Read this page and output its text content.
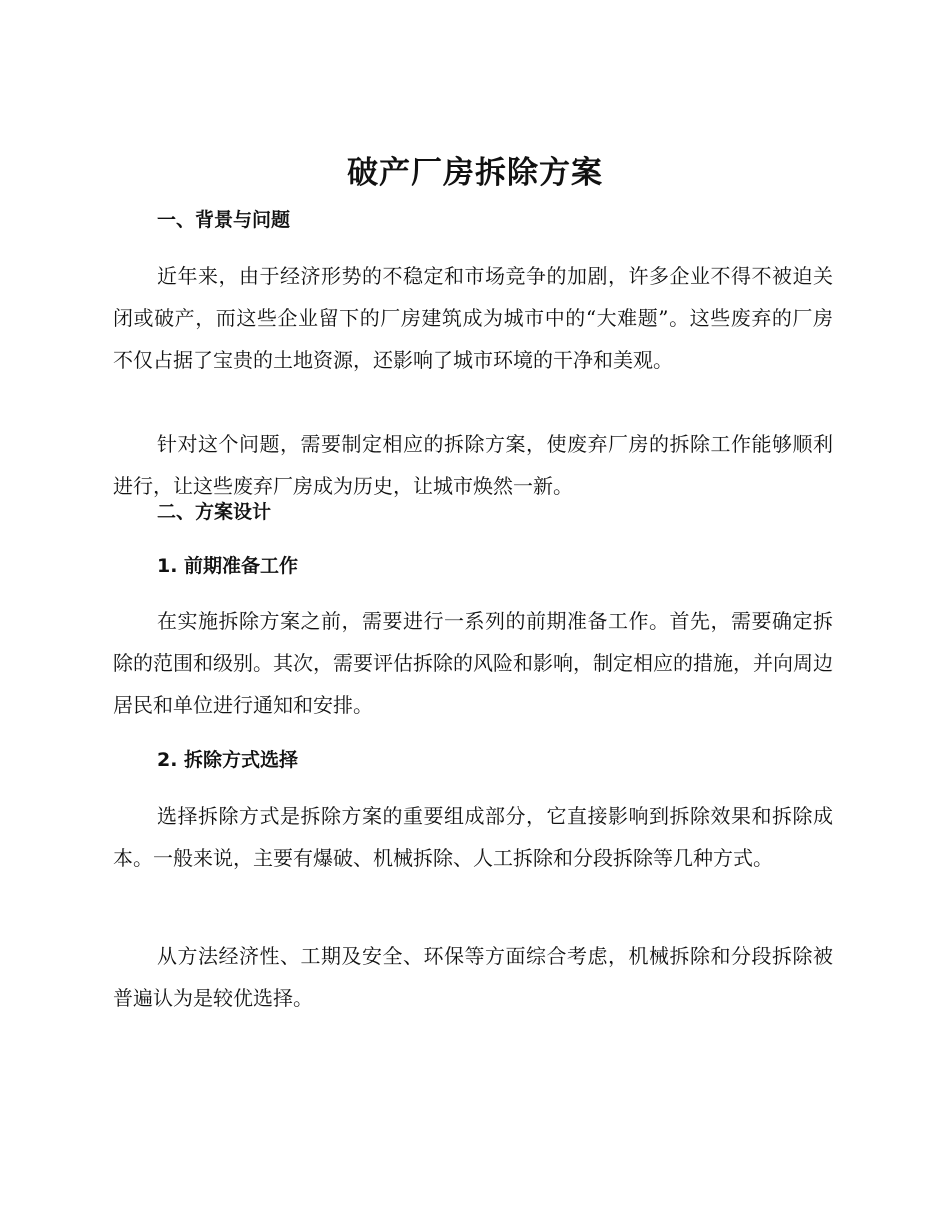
破产厂房拆除方案
一、背景与问题

近年来，由于经济形势的不稳定和市场竞争的加剧，许多企业不得不被迫关闭或破产，而这些企业留下的厂房建筑成为城市中的“大难题”。这些废弃的厂房不仅占据了宝贵的土地资源，还影响了城市环境的干净和美观。

针对这个问题，需要制定相应的拆除方案，使废弃厂房的拆除工作能够顺利进行，让这些废弃厂房成为历史，让城市焕然一新。

二、方案设计
1. 前期准备工作

在实施拆除方案之前，需要进行一系列的前期准备工作。首先，需要确定拆除的范围和级别。其次，需要评估拆除的风险和影响，制定相应的措施，并向周边居民和单位进行通知和安排。

2. 拆除方式选择

选择拆除方式是拆除方案的重要组成部分，它直接影响到拆除效果和拆除成本。一般来说，主要有爆破、机械拆除、人工拆除和分段拆除等几种方式。

从方法经济性、工期及安全、环保等方面综合考虑，机械拆除和分段拆除被普遍认为是较优选择。
